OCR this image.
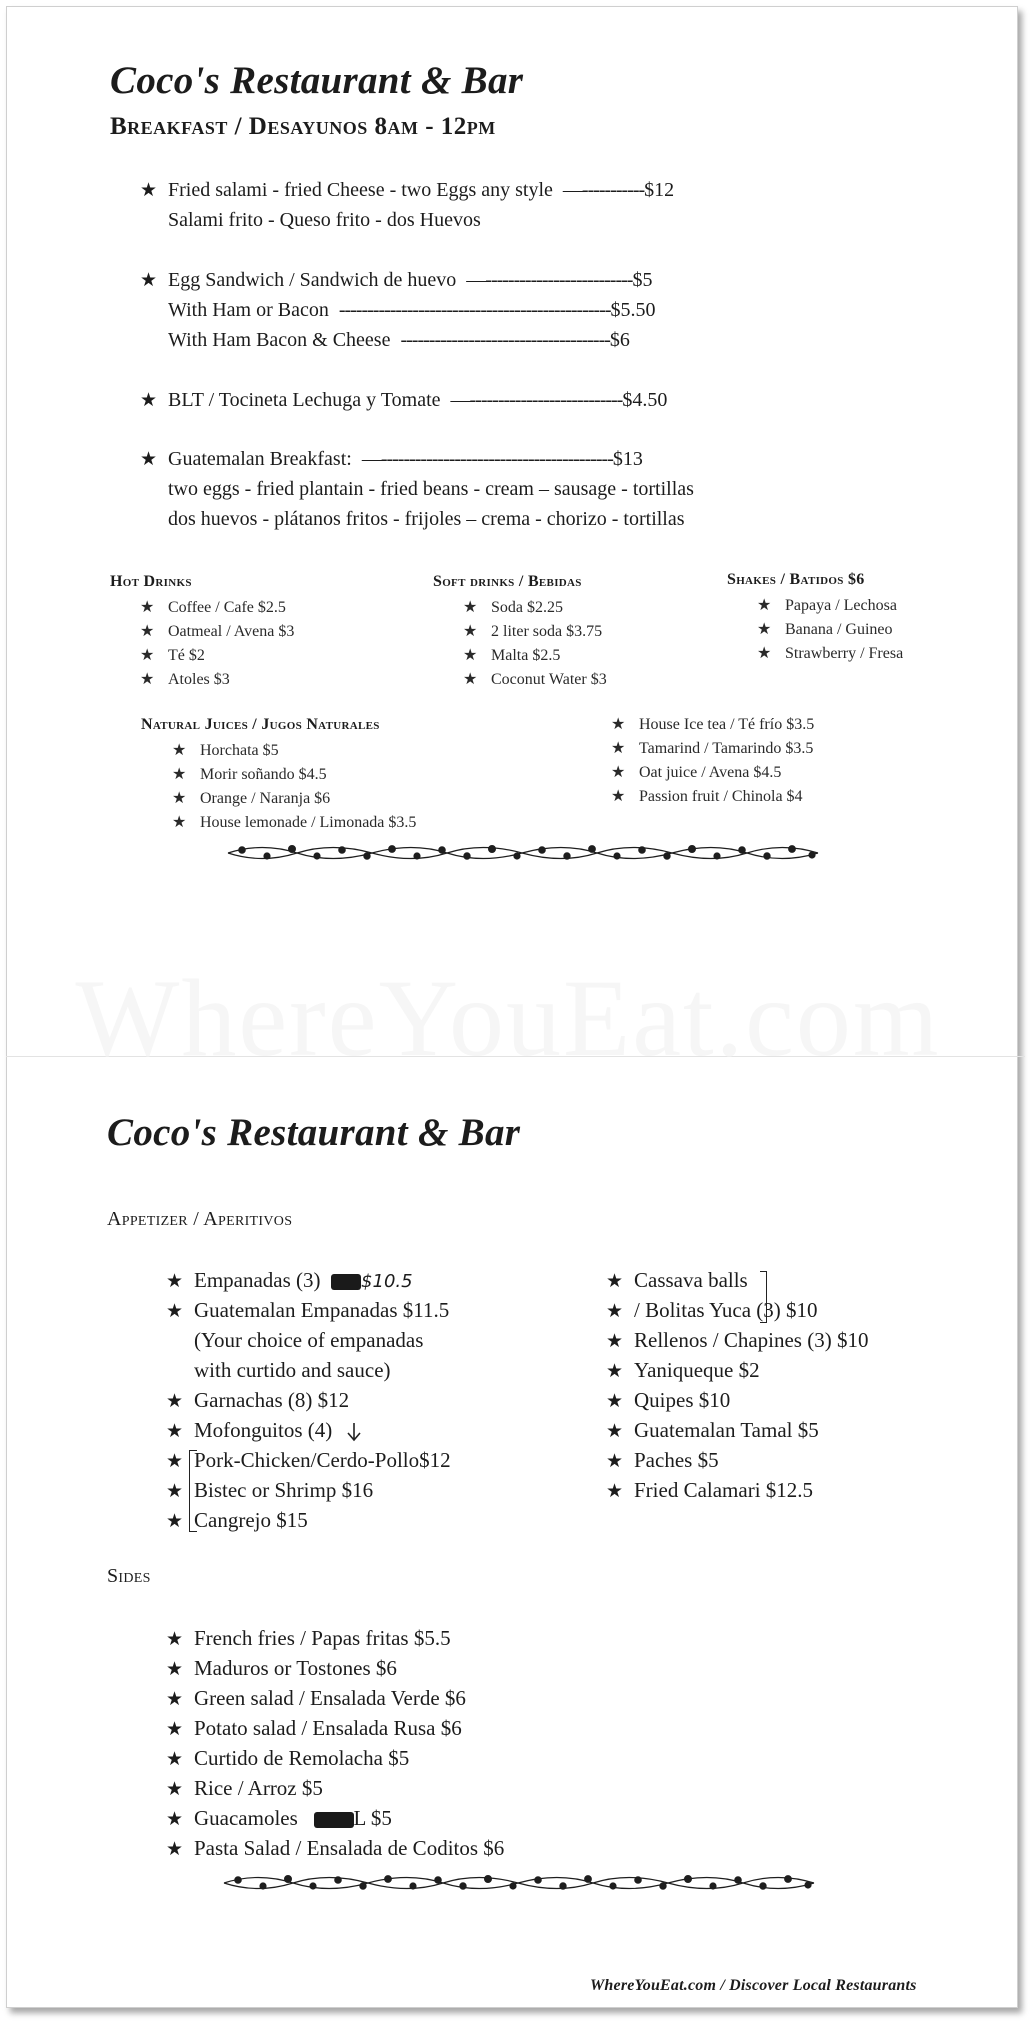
WhereYouEat.com
Coco's Restaurant & Bar
Breakfast / Desayunos 8am - 12pm
★ Fried salami - fried Cheese - two Eggs any style —-----------$12
Salami frito - Queso frito - dos Huevos
★ Egg Sandwich / Sandwich de huevo —--------------------------$5
With Ham or Bacon ------------------------------------------------$5.50
With Ham Bacon & Cheese -------------------------------------$6
★ BLT / Tocineta Lechuga y Tomate —---------------------------$4.50
★ Guatemalan Breakfast: —-----------------------------------------$13
two eggs - fried plantain - fried beans - cream – sausage - tortillas
dos huevos - plátanos fritos - frijoles – crema - chorizo - tortillas
Hot Drinks
★ Coffee / Cafe $2.5
★ Oatmeal / Avena $3
★ Té $2
★ Atoles $3
Soft drinks / Bebidas
★ Soda $2.25
★ 2 liter soda $3.75
★ Malta $2.5
★ Coconut Water $3
Shakes / Batidos $6
★ Papaya / Lechosa
★ Banana / Guineo
★ Strawberry / Fresa
Natural Juices / Jugos Naturales
★ Horchata $5
★ Morir soñando $4.5
★ Orange / Naranja $6
★ House lemonade / Limonada $3.5
★ House Ice tea / Té frío $3.5
★ Tamarind / Tamarindo $3.5
★ Oat juice / Avena $4.5
★ Passion fruit / Chinola $4
Coco's Restaurant & Bar
Appetizer / Aperitivos
★ Empanadas (3) $10.5
★ Guatemalan Empanadas $11.5
(Your choice of empanadas
with curtido and sauce)
★ Garnachas (8) $12
★ Mofonguitos (4)
★ Pork-Chicken/Cerdo-Pollo$12
★ Bistec or Shrimp $16
★ Cangrejo $15
★ Cassava balls
★ / Bolitas Yuca (3) $10
★ Rellenos / Chapines (3) $10
★ Yaniqueque $2
★ Quipes $10
★ Guatemalan Tamal $5
★ Paches $5
★ Fried Calamari $12.5
Sides
★ French fries / Papas fritas $5.5
★ Maduros or Tostones $6
★ Green salad / Ensalada Verde $6
★ Potato salad / Ensalada Rusa $6
★ Curtido de Remolacha $5
★ Rice / Arroz $5
★ Guacamoles	L $5
★ Pasta Salad / Ensalada de Coditos $6
WhereYouEat.com / Discover Local Restaurants
